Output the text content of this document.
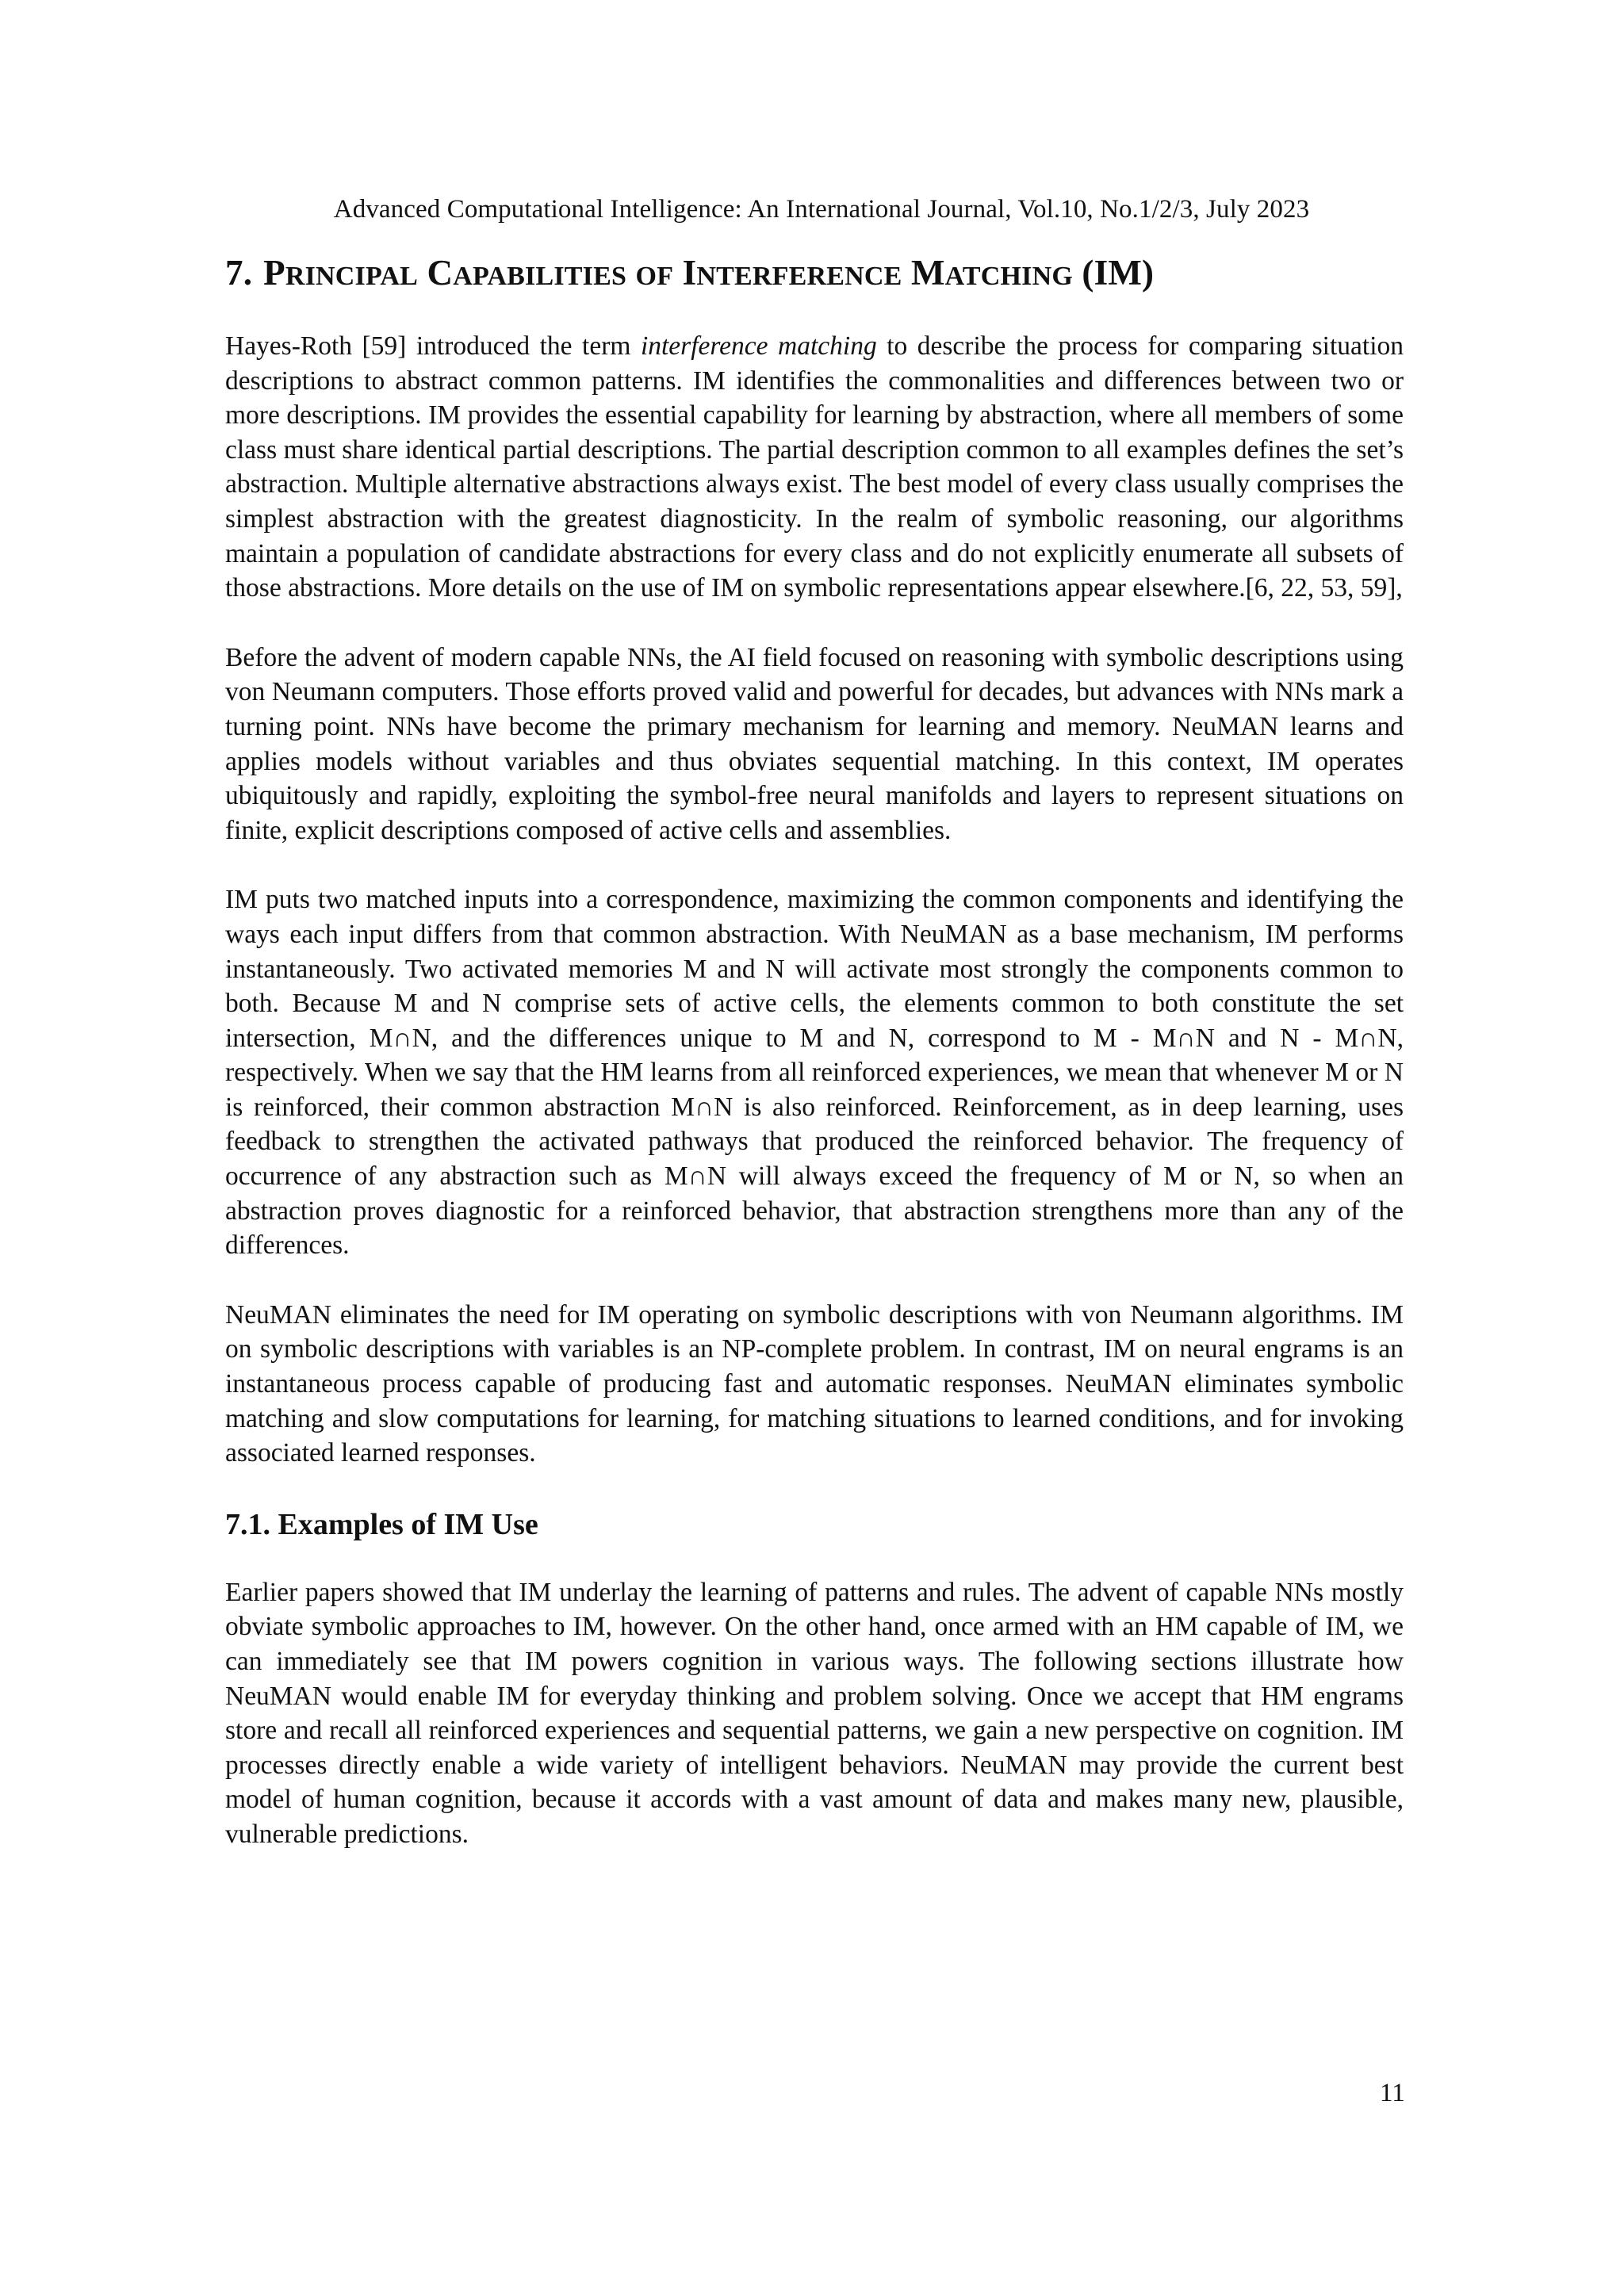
Advanced Computational Intelligence: An International Journal, Vol.10, No.1/2/3, July 2023
7. PRINCIPAL CAPABILITIES OF INTERFERENCE MATCHING (IM)

Hayes-Roth [59] introduced the term interference matching to describe the process for comparing situation descriptions to abstract common patterns. IM identifies the commonalities and differences between two or more descriptions. IM provides the essential capability for learning by abstraction, where all members of some class must share identical partial descriptions. The partial description common to all examples defines the set’s abstraction. Multiple alternative abstractions always exist. The best model of every class usually comprises the simplest abstraction with the greatest diagnosticity. In the realm of symbolic reasoning, our algorithms maintain a population of candidate abstractions for every class and do not explicitly enumerate all subsets of those abstractions. More details on the use of IM on symbolic representations appear elsewhere.[6, 22, 53, 59],

Before the advent of modern capable NNs, the AI field focused on reasoning with symbolic descriptions using von Neumann computers. Those efforts proved valid and powerful for decades, but advances with NNs mark a turning point. NNs have become the primary mechanism for learning and memory. NeuMAN learns and applies models without variables and thus obviates sequential matching. In this context, IM operates ubiquitously and rapidly, exploiting the symbol-free neural manifolds and layers to represent situations on finite, explicit descriptions composed of active cells and assemblies.

IM puts two matched inputs into a correspondence, maximizing the common components and identifying the ways each input differs from that common abstraction. With NeuMAN as a base mechanism, IM performs instantaneously. Two activated memories M and N will activate most strongly the components common to both. Because M and N comprise sets of active cells, the elements common to both constitute the set intersection, M∩N, and the differences unique to M and N, correspond to M - M∩N and N - M∩N, respectively. When we say that the HM learns from all reinforced experiences, we mean that whenever M or N is reinforced, their common abstraction M∩N is also reinforced. Reinforcement, as in deep learning, uses feedback to strengthen the activated pathways that produced the reinforced behavior. The frequency of occurrence of any abstraction such as M∩N will always exceed the frequency of M or N, so when an abstraction proves diagnostic for a reinforced behavior, that abstraction strengthens more than any of the differences.

NeuMAN eliminates the need for IM operating on symbolic descriptions with von Neumann algorithms. IM on symbolic descriptions with variables is an NP-complete problem. In contrast, IM on neural engrams is an instantaneous process capable of producing fast and automatic responses. NeuMAN eliminates symbolic matching and slow computations for learning, for matching situations to learned conditions, and for invoking associated learned responses.

7.1. Examples of IM Use

Earlier papers showed that IM underlay the learning of patterns and rules. The advent of capable NNs mostly obviate symbolic approaches to IM, however. On the other hand, once armed with an HM capable of IM, we can immediately see that IM powers cognition in various ways. The following sections illustrate how NeuMAN would enable IM for everyday thinking and problem solving. Once we accept that HM engrams store and recall all reinforced experiences and sequential patterns, we gain a new perspective on cognition. IM processes directly enable a wide variety of intelligent behaviors. NeuMAN may provide the current best model of human cognition, because it accords with a vast amount of data and makes many new, plausible, vulnerable predictions.

11
